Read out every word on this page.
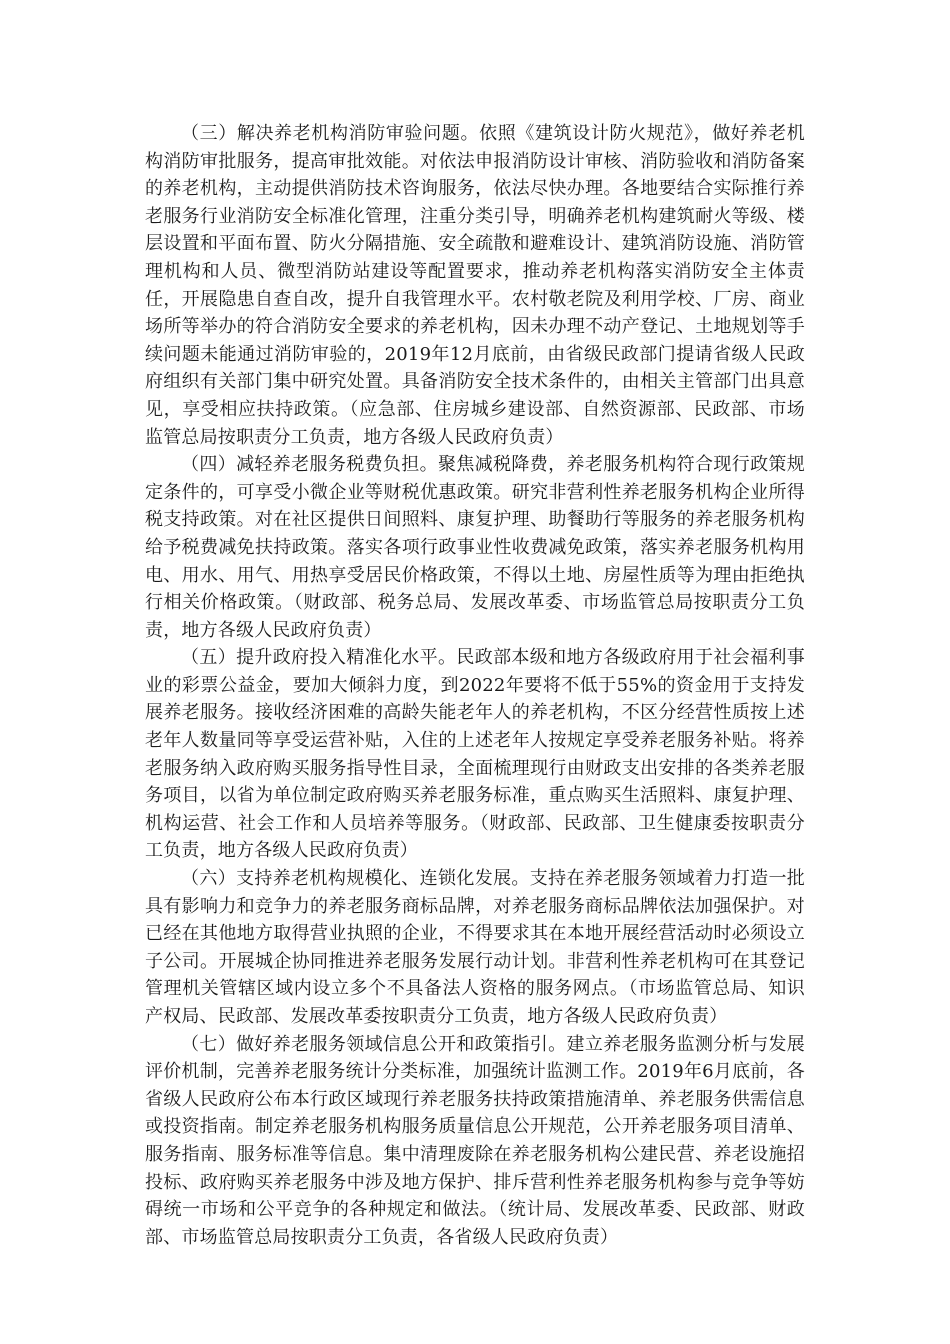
（三）解决养老机构消防审验问题。依照《建筑设计防火规范》，做好养老机构消防审批服务，提高审批效能。对依法申报消防设计审核、消防验收和消防备案的养老机构，主动提供消防技术咨询服务，依法尽快办理。各地要结合实际推行养老服务行业消防安全标准化管理，注重分类引导，明确养老机构建筑耐火等级、楼层设置和平面布置、防火分隔措施、安全疏散和避难设计、建筑消防设施、消防管理机构和人员、微型消防站建设等配置要求，推动养老机构落实消防安全主体责任，开展隐患自查自改，提升自我管理水平。农村敬老院及利用学校、厂房、商业场所等举办的符合消防安全要求的养老机构，因未办理不动产登记、土地规划等手续问题未能通过消防审验的，2019年12月底前，由省级民政部门提请省级人民政府组织有关部门集中研究处置。具备消防安全技术条件的，由相关主管部门出具意见，享受相应扶持政策。（应急部、住房城乡建设部、自然资源部、民政部、市场监管总局按职责分工负责，地方各级人民政府负责）

（四）减轻养老服务税费负担。聚焦减税降费，养老服务机构符合现行政策规定条件的，可享受小微企业等财税优惠政策。研究非营利性养老服务机构企业所得税支持政策。对在社区提供日间照料、康复护理、助餐助行等服务的养老服务机构给予税费减免扶持政策。落实各项行政事业性收费减免政策，落实养老服务机构用电、用水、用气、用热享受居民价格政策，不得以土地、房屋性质等为理由拒绝执行相关价格政策。（财政部、税务总局、发展改革委、市场监管总局按职责分工负责，地方各级人民政府负责）

（五）提升政府投入精准化水平。民政部本级和地方各级政府用于社会福利事业的彩票公益金，要加大倾斜力度，到2022年要将不低于55%的资金用于支持发展养老服务。接收经济困难的高龄失能老年人的养老机构，不区分经营性质按上述老年人数量同等享受运营补贴，入住的上述老年人按规定享受养老服务补贴。将养老服务纳入政府购买服务指导性目录，全面梳理现行由财政支出安排的各类养老服务项目，以省为单位制定政府购买养老服务标准，重点购买生活照料、康复护理、机构运营、社会工作和人员培养等服务。（财政部、民政部、卫生健康委按职责分工负责，地方各级人民政府负责）

（六）支持养老机构规模化、连锁化发展。支持在养老服务领域着力打造一批具有影响力和竞争力的养老服务商标品牌，对养老服务商标品牌依法加强保护。对已经在其他地方取得营业执照的企业，不得要求其在本地开展经营活动时必须设立子公司。开展城企协同推进养老服务发展行动计划。非营利性养老机构可在其登记管理机关管辖区域内设立多个不具备法人资格的服务网点。（市场监管总局、知识产权局、民政部、发展改革委按职责分工负责，地方各级人民政府负责）

（七）做好养老服务领域信息公开和政策指引。建立养老服务监测分析与发展评价机制，完善养老服务统计分类标准，加强统计监测工作。2019年6月底前，各省级人民政府公布本行政区域现行养老服务扶持政策措施清单、养老服务供需信息或投资指南。制定养老服务机构服务质量信息公开规范，公开养老服务项目清单、服务指南、服务标准等信息。集中清理废除在养老服务机构公建民营、养老设施招投标、政府购买养老服务中涉及地方保护、排斥营利性养老服务机构参与竞争等妨碍统一市场和公平竞争的各种规定和做法。（统计局、发展改革委、民政部、财政部、市场监管总局按职责分工负责，各省级人民政府负责）
